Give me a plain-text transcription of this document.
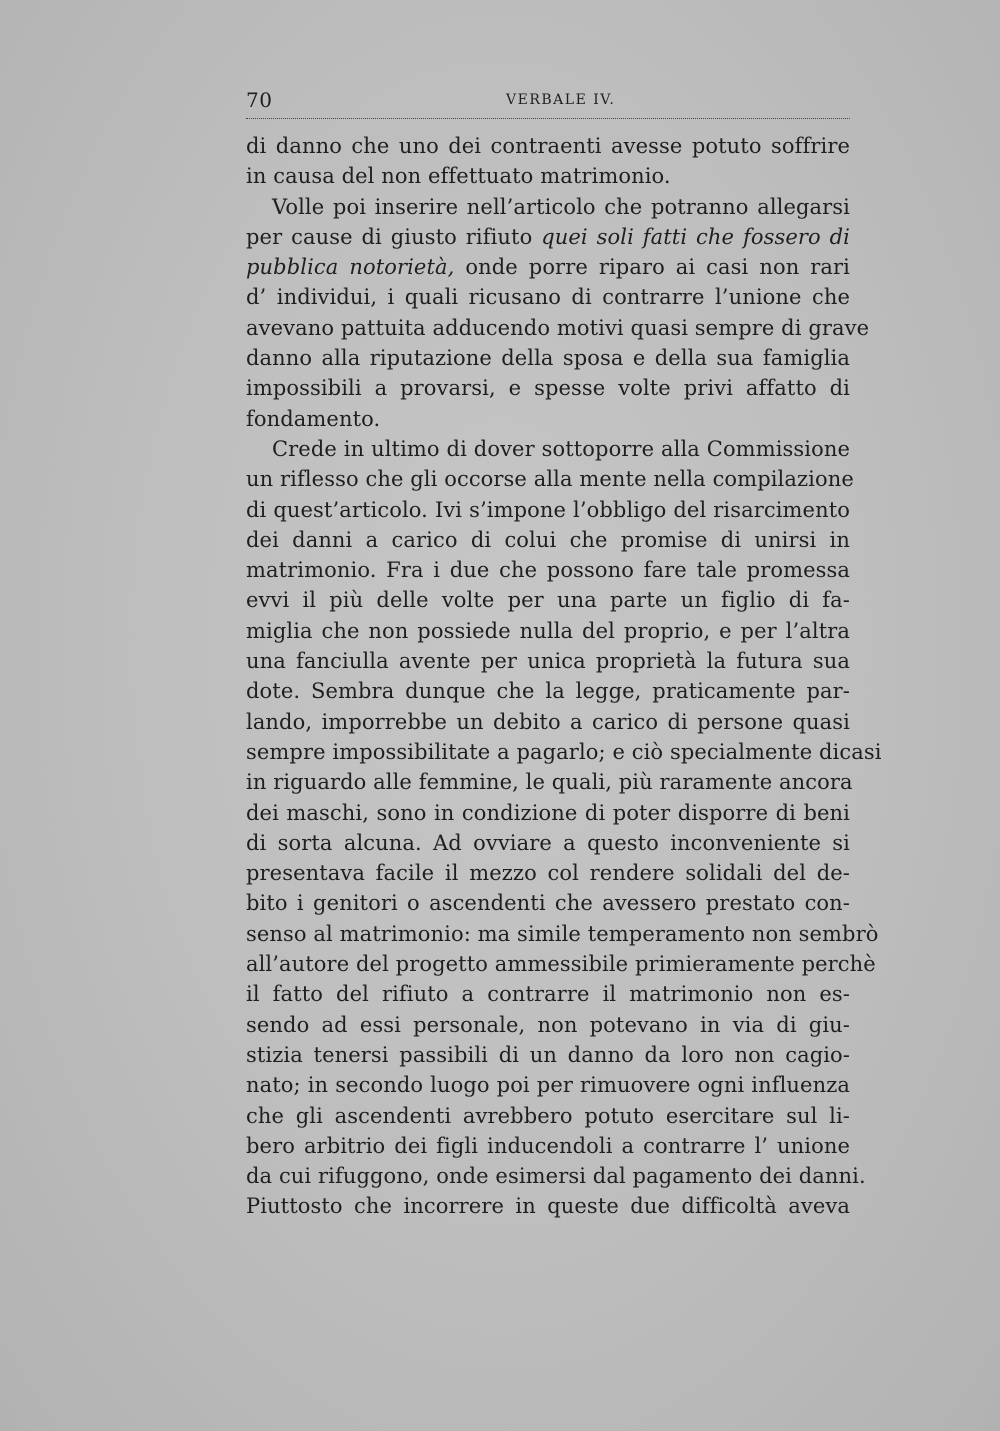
70	VERBALE IV.
di danno che uno dei contraenti avesse potuto soffrire
in causa del non effettuato matrimonio.
Volle poi inserire nell’articolo che potranno allegarsi
per cause di giusto rifiuto quei soli fatti che fossero di
pubblica notorietà, onde porre riparo ai casi non rari
d’ individui, i quali ricusano di contrarre l’unione che
avevano pattuita adducendo motivi quasi sempre di grave
danno alla riputazione della sposa e della sua famiglia
impossibili a provarsi, e spesse volte privi affatto di
fondamento.
Crede in ultimo di dover sottoporre alla Commissione
un riflesso che gli occorse alla mente nella compilazione
di quest’articolo. Ivi s’impone l’obbligo del risarcimento
dei danni a carico di colui che promise di unirsi in
matrimonio. Fra i due che possono fare tale promessa
evvi il più delle volte per una parte un figlio di fa-
miglia che non possiede nulla del proprio, e per l’altra
una fanciulla avente per unica proprietà la futura sua
dote. Sembra dunque che la legge, praticamente par-
lando, imporrebbe un debito a carico di persone quasi
sempre impossibilitate a pagarlo; e ciò specialmente dicasi
in riguardo alle femmine, le quali, più raramente ancora
dei maschi, sono in condizione di poter disporre di beni
di sorta alcuna. Ad ovviare a questo inconveniente si
presentava facile il mezzo col rendere solidali del de-
bito i genitori o ascendenti che avessero prestato con-
senso al matrimonio: ma simile temperamento non sembrò
all’autore del progetto ammessibile primieramente perchè
il fatto del rifiuto a contrarre il matrimonio non es-
sendo ad essi personale, non potevano in via di giu-
stizia tenersi passibili di un danno da loro non cagio-
nato; in secondo luogo poi per rimuovere ogni influenza
che gli ascendenti avrebbero potuto esercitare sul li-
bero arbitrio dei figli inducendoli a contrarre l’ unione
da cui rifuggono, onde esimersi dal pagamento dei danni.
Piuttosto che incorrere in queste due difficoltà aveva
